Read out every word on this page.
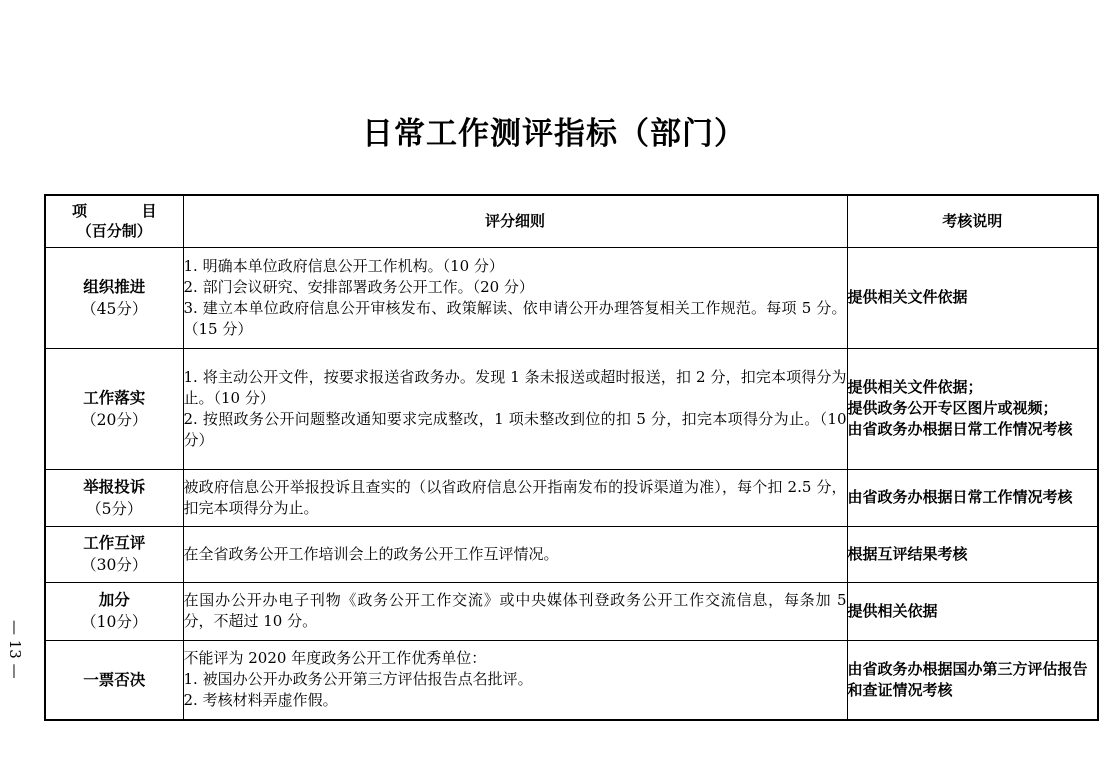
日常工作测评指标（部门）
项  目
（百分制）	评分细则	考核说明
组织推进
（45分）	1. 明确本单位政府信息公开工作机构。（10 分）
2. 部门会议研究、安排部署政务公开工作。（20 分）
3. 建立本单位政府信息公开审核发布、政策解读、依申请公开办理答复相关工作规范。每项 5 分。（15 分）	提供相关文件依据

工作落实
（20分）	1. 将主动公开文件，按要求报送省政务办。发现 1 条未报送或超时报送，扣 2 分，扣完本项得分为止。（10 分）
2. 按照政务公开问题整改通知要求完成整改，1 项未整改到位的扣 5 分，扣完本项得分为止。（10 分）	提供相关文件依据；
提供政务公开专区图片或视频；
由省政务办根据日常工作情况考核

举报投诉
（5分）	被政府信息公开举报投诉且查实的（以省政府信息公开指南发布的投诉渠道为准），每个扣 2.5 分，扣完本项得分为止。	由省政务办根据日常工作情况考核

工作互评
（30分）	在全省政务公开工作培训会上的政务公开工作互评情况。	根据互评结果考核

加分
（10分）	在国办公开办电子刊物《政务公开工作交流》或中央媒体刊登政务公开工作交流信息，每条加 5 分，不超过 10 分。	提供相关依据

一票否决	不能评为 2020 年度政务公开工作优秀单位：
1. 被国办公开办政务公开第三方评估报告点名批评。
2. 考核材料弄虚作假。	由省政务办根据国办第三方评估报告和查证情况考核
— 13 —
